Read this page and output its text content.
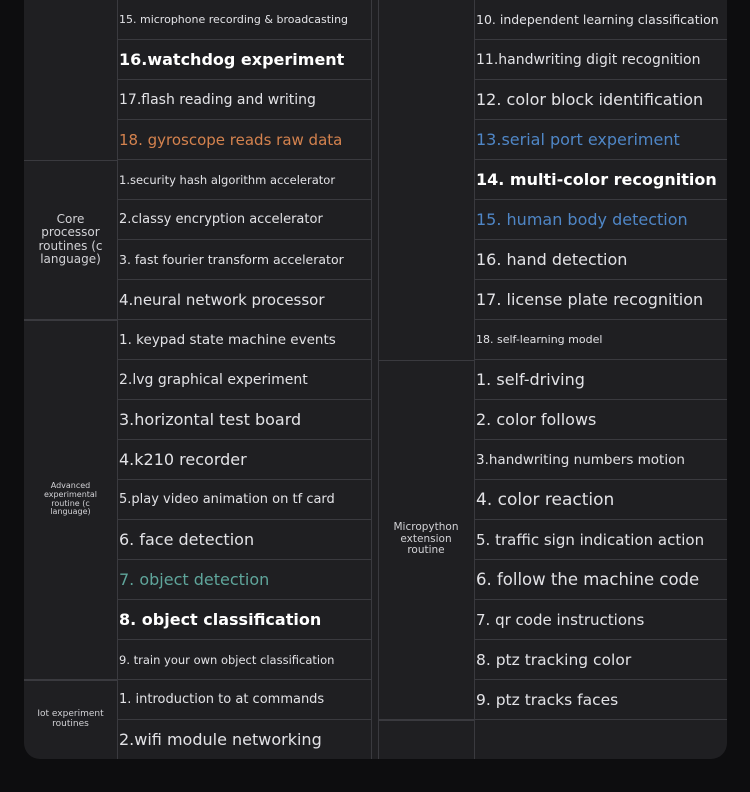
Core processor routines (c language)
Advanced experimental routine (c language)
Iot experiment routines
Micropython extension routine
15. microphone recording & broadcasting
16.watchdog experiment
17.flash reading and writing
18. gyroscope reads raw data
1.security hash algorithm accelerator
2.classy encryption accelerator
3. fast fourier transform accelerator
4.neural network processor
1. keypad state machine events
2.lvg graphical experiment
3.horizontal test board
4.k210 recorder
5.play video animation on tf card
6. face detection
7. object detection
8. object classification
9. train your own object classification
1. introduction to at commands
2.wifi module networking
10. independent learning classification
11.handwriting digit recognition
12. color block identification
13.serial port experiment
14. multi-color recognition
15. human body detection
16. hand detection
17. license plate recognition
18. self-learning model
1. self-driving
2. color follows
3.handwriting numbers motion
4. color reaction
5. traffic sign indication action
6. follow the machine code
7. qr code instructions
8. ptz tracking color
9. ptz tracks faces
